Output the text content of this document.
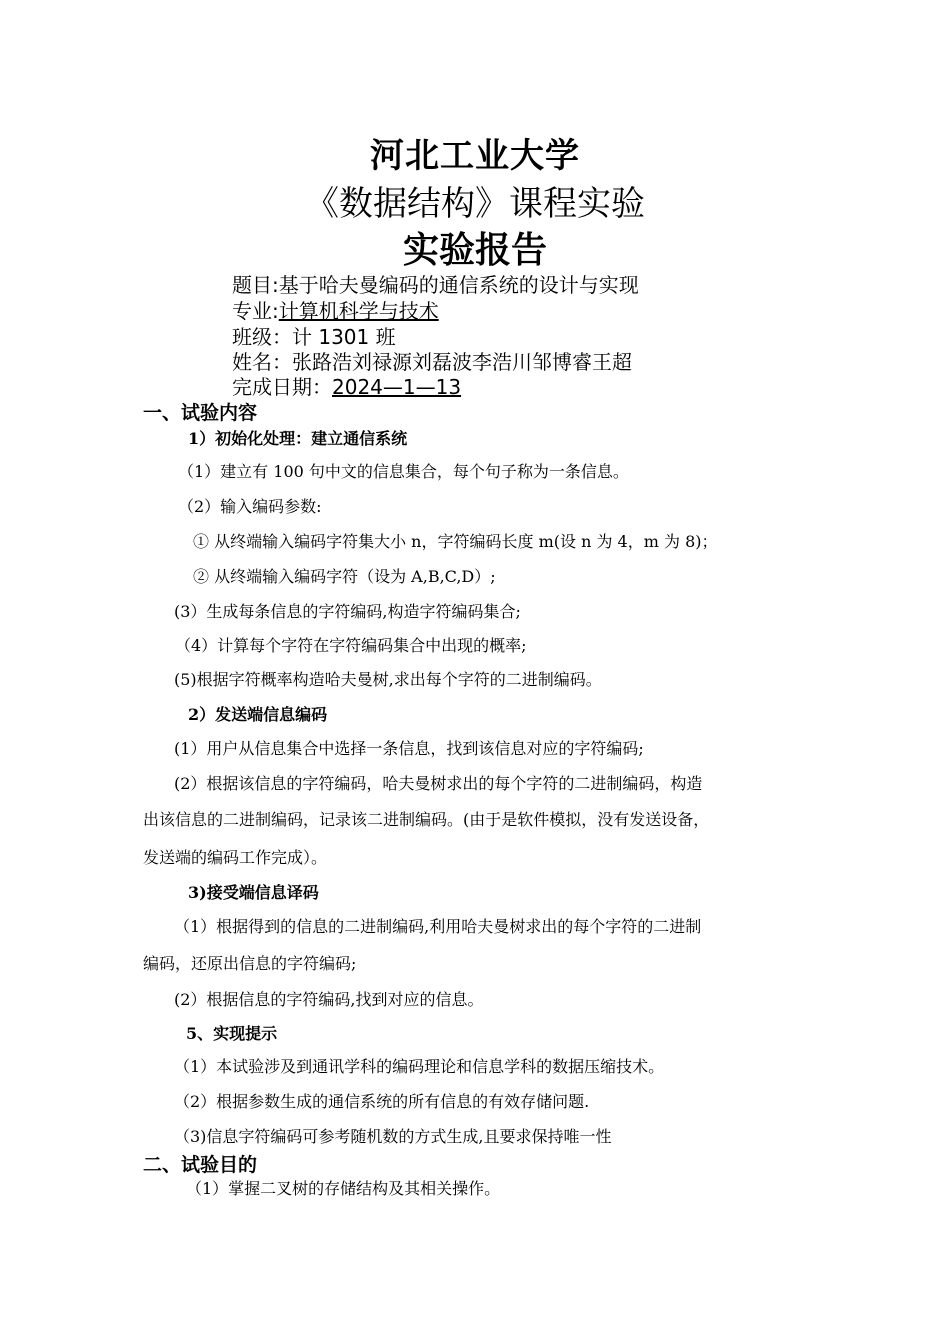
河北工业大学
《数据结构》课程实验
实验报告
题目:基于哈夫曼编码的通信系统的设计与实现
专业:计算机科学与技术
班级：计 1301 班
姓名：张路浩刘禄源刘磊波李浩川邹博睿王超
完成日期：2024—1—13
一、试验内容
1）初始化处理：建立通信系统
（1）建立有 100 句中文的信息集合，每个句子称为一条信息。
（2）输入编码参数:
① 从终端输入编码字符集大小 n，字符编码长度 m(设 n 为 4，m 为 8)；
② 从终端输入编码字符（设为 A,B,C,D）;
(3）生成每条信息的字符编码,构造字符编码集合;
（4）计算每个字符在字符编码集合中出现的概率;
(5)根据字符概率构造哈夫曼树,求出每个字符的二进制编码。
2）发送端信息编码
(1）用户从信息集合中选择一条信息，找到该信息对应的字符编码;
(2）根据该信息的字符编码，哈夫曼树求出的每个字符的二进制编码，构造
出该信息的二进制编码，记录该二进制编码。(由于是软件模拟，没有发送设备，
发送端的编码工作完成）。
3)接受端信息译码
（1）根据得到的信息的二进制编码,利用哈夫曼树求出的每个字符的二进制
编码，还原出信息的字符编码;
(2）根据信息的字符编码,找到对应的信息。
5、实现提示
（1）本试验涉及到通讯学科的编码理论和信息学科的数据压缩技术。
（2）根据参数生成的通信系统的所有信息的有效存储问题.
（3)信息字符编码可参考随机数的方式生成,且要求保持唯一性
二、试验目的
（1）掌握二叉树的存储结构及其相关操作。
